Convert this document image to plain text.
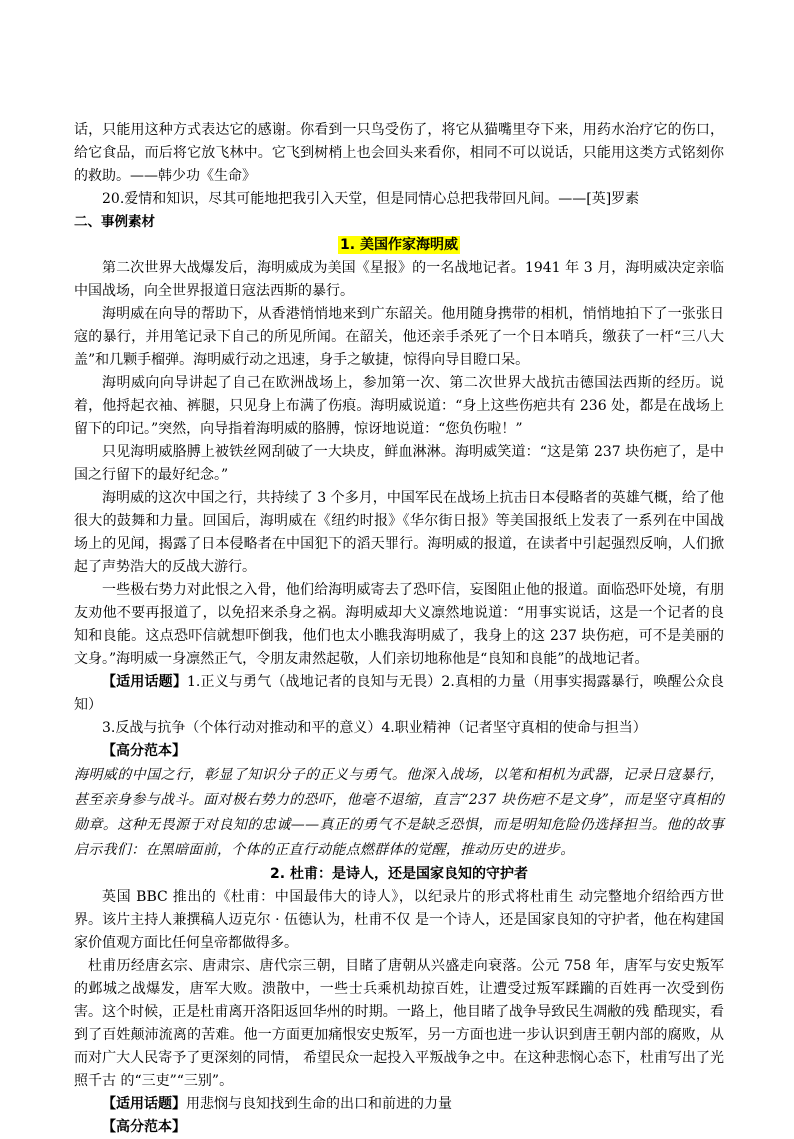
话，只能用这种方式表达它的感谢。你看到一只鸟受伤了，将它从猫嘴里夺下来，用药水治疗它的伤口，给它食品，而后将它放飞林中。它飞到树梢上也会回头来看你，相同不可以说话，只能用这类方式铭刻你的救助。——韩少功《生命》

20.爱情和知识，尽其可能地把我引入天堂，但是同情心总把我带回凡间。——[英]罗素

二、事例素材

1. 美国作家海明威

第二次世界大战爆发后，海明威成为美国《星报》的一名战地记者。1941 年 3 月，海明威决定亲临中国战场，向全世界报道日寇法西斯的暴行。

海明威在向导的帮助下，从香港悄悄地来到广东韶关。他用随身携带的相机，悄悄地拍下了一张张日寇的暴行，并用笔记录下自己的所见所闻。在韶关，他还亲手杀死了一个日本哨兵，缴获了一杆“三八大盖”和几颗手榴弹。海明威行动之迅速，身手之敏捷，惊得向导目瞪口呆。

海明威向向导讲起了自己在欧洲战场上，参加第一次、第二次世界大战抗击德国法西斯的经历。说着，他捋起衣袖、裤腿，只见身上布满了伤痕。海明威说道：“身上这些伤疤共有 236 处，都是在战场上留下的印记。”突然，向导指着海明威的胳膊，惊讶地说道：“您负伤啦！”

只见海明威胳膊上被铁丝网刮破了一大块皮，鲜血淋淋。海明威笑道：“这是第 237 块伤疤了，是中国之行留下的最好纪念。”

海明威的这次中国之行，共持续了 3 个多月，中国军民在战场上抗击日本侵略者的英雄气概，给了他很大的鼓舞和力量。回国后，海明威在《纽约时报》《华尔街日报》等美国报纸上发表了一系列在中国战场上的见闻，揭露了日本侵略者在中国犯下的滔天罪行。海明威的报道，在读者中引起强烈反响，人们掀起了声势浩大的反战大游行。

一些极右势力对此恨之入骨，他们给海明威寄去了恐吓信，妄图阻止他的报道。面临恐吓处境，有朋友劝他不要再报道了，以免招来杀身之祸。海明威却大义凛然地说道：“用事实说话，这是一个记者的良知和良能。这点恐吓信就想吓倒我，他们也太小瞧我海明威了，我身上的这 237 块伤疤，可不是美丽的文身。”海明威一身凛然正气，令朋友肃然起敬，人们亲切地称他是“良知和良能”的战地记者。

【适用话题】1.正义与勇气（战地记者的良知与无畏）2.真相的力量（用事实揭露暴行，唤醒公众良知）

3.反战与抗争（个体行动对推动和平的意义）4.职业精神（记者坚守真相的使命与担当）

【高分范本】

海明威的中国之行，彰显了知识分子的正义与勇气。他深入战场，以笔和相机为武器，记录日寇暴行，甚至亲身参与战斗。面对极右势力的恐吓，他毫不退缩，直言“237 块伤疤不是文身”，而是坚守真相的勋章。这种无畏源于对良知的忠诚——真正的勇气不是缺乏恐惧，而是明知危险仍选择担当。他的故事启示我们：在黑暗面前，个体的正直行动能点燃群体的觉醒，推动历史的进步。

2. 杜甫：是诗人，还是国家良知的守护者

英国 BBC 推出的《杜甫：中国最伟大的诗人》，以纪录片的形式将杜甫生 动完整地介绍给西方世界。该片主持人兼撰稿人迈克尔 · 伍德认为，杜甫不仅 是一个诗人，还是国家良知的守护者，他在构建国家价值观方面比任何皇帝都做得多。

杜甫历经唐玄宗、唐肃宗、唐代宗三朝，目睹了唐朝从兴盛走向衰落。公元 758 年，唐军与安史叛军的邺城之战爆发，唐军大败。溃散中，一些士兵乘机劫掠百姓，让遭受过叛军蹂躏的百姓再一次受到伤害。这个时候，正是杜甫离开洛阳返回华州的时期。一路上，他目睹了战争导致民生凋敝的残 酷现实，看到了百姓颠沛流离的苦难。他一方面更加痛恨安史叛军，另一方面也进一步认识到唐王朝内部的腐败，从而对广大人民寄予了更深刻的同情， 希望民众一起投入平叛战争之中。在这种悲悯心态下，杜甫写出了光照千古 的“三吏”“三别”。

【适用话题】用悲悯与良知找到生命的出口和前进的力量

【高分范本】
